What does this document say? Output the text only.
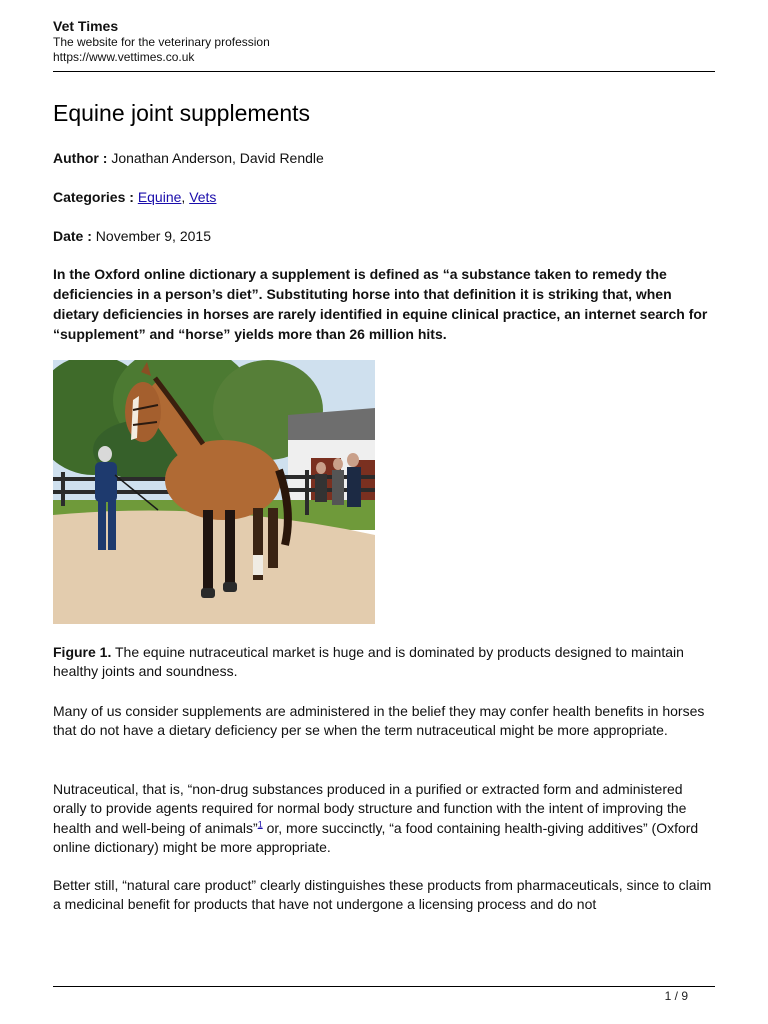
Vet Times
The website for the veterinary profession
https://www.vettimes.co.uk
Equine joint supplements
Author : Jonathan Anderson, David Rendle
Categories : Equine, Vets
Date : November 9, 2015

In the Oxford online dictionary a supplement is defined as “a substance taken to remedy the deficiencies in a person’s diet”. Substituting horse into that definition it is striking that, when dietary deficiencies in horses are rarely identified in equine clinical practice, an internet search for “supplement” and “horse” yields more than 26 million hits.

Figure 1. The equine nutraceutical market is huge and is dominated by products designed to maintain healthy joints and soundness.

Many of us consider supplements are administered in the belief they may confer health benefits in horses that do not have a dietary deficiency per se when the term nutraceutical might be more appropriate.

Nutraceutical, that is, “non-drug substances produced in a purified or extracted form and administered orally to provide agents required for normal body structure and function with the intent of improving the health and well-being of animals”$^1$ or, more succinctly, “a food containing health-giving additives” (Oxford online dictionary) might be more appropriate.

Better still, “natural care product” clearly distinguishes these products from pharmaceuticals, since to claim a medicinal benefit for products that have not undergone a licensing process and do not

1 / 9
